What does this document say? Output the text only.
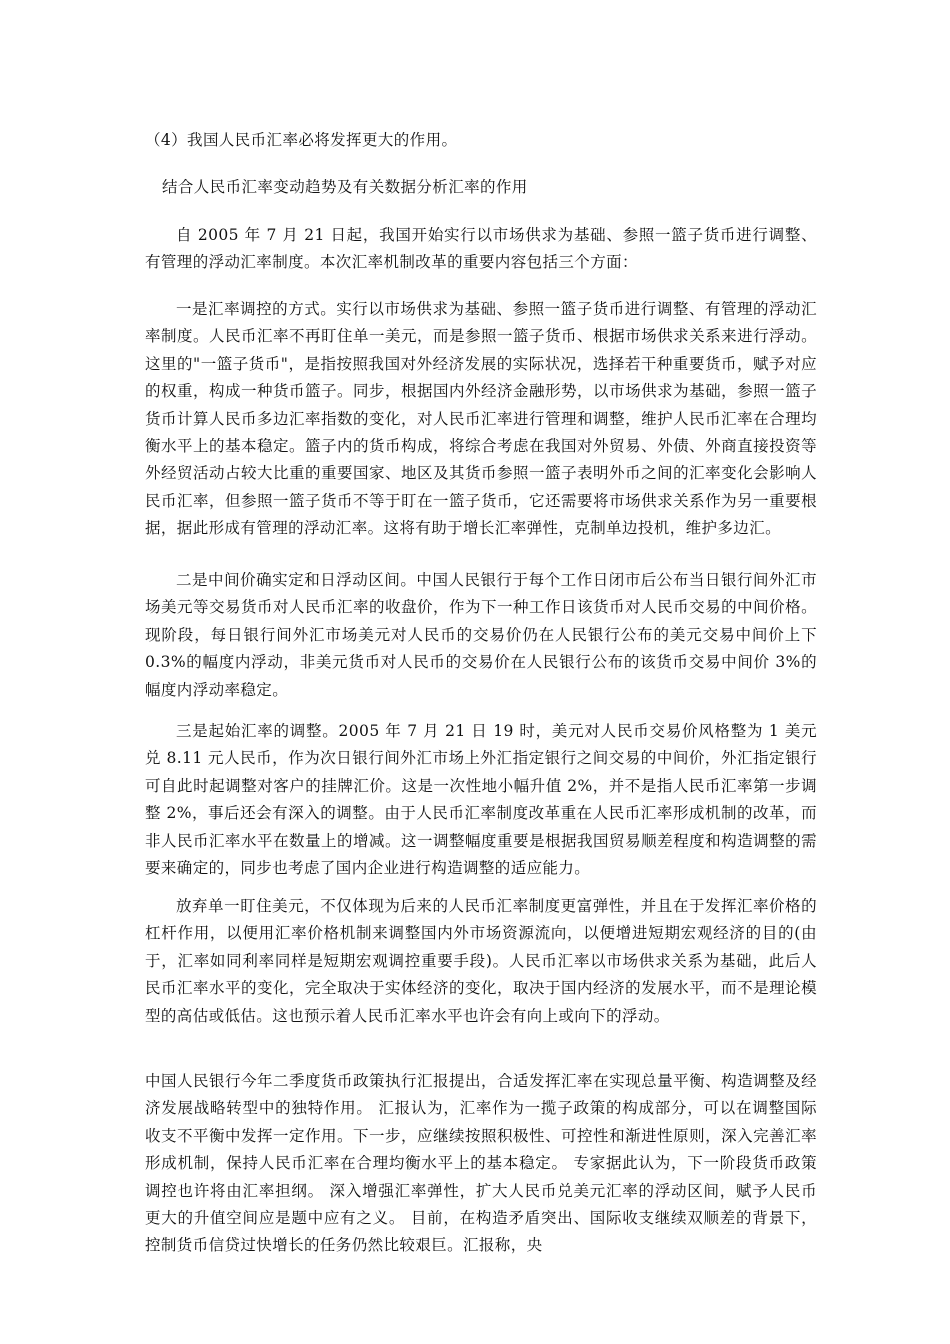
（4）我国人民币汇率必将发挥更大的作用。
结合人民币汇率变动趋势及有关数据分析汇率的作用
自 2005 年 7 月 21 日起，我国开始实行以市场供求为基础、参照一篮子货币进行调整、有管理的浮动汇率制度。本次汇率机制改革的重要内容包括三个方面：
一是汇率调控的方式。实行以市场供求为基础、参照一篮子货币进行调整、有管理的浮动汇率制度。人民币汇率不再盯住单一美元，而是参照一篮子货币、根据市场供求关系来进行浮动。这里的"一篮子货币"，是指按照我国对外经济发展的实际状况，选择若干种重要货币，赋予对应的权重，构成一种货币篮子。同步，根据国内外经济金融形势，以市场供求为基础，参照一篮子货币计算人民币多边汇率指数的变化，对人民币汇率进行管理和调整，维护人民币汇率在合理均衡水平上的基本稳定。篮子内的货币构成，将综合考虑在我国对外贸易、外债、外商直接投资等外经贸活动占较大比重的重要国家、地区及其货币参照一篮子表明外币之间的汇率变化会影响人民币汇率，但参照一篮子货币不等于盯在一篮子货币，它还需要将市场供求关系作为另一重要根据，据此形成有管理的浮动汇率。这将有助于增长汇率弹性，克制单边投机，维护多边汇。
二是中间价确实定和日浮动区间。中国人民银行于每个工作日闭市后公布当日银行间外汇市场美元等交易货币对人民币汇率的收盘价，作为下一种工作日该货币对人民币交易的中间价格。现阶段，每日银行间外汇市场美元对人民币的交易价仍在人民银行公布的美元交易中间价上下 0.3%的幅度内浮动，非美元货币对人民币的交易价在人民银行公布的该货币交易中间价 3%的幅度内浮动率稳定。
三是起始汇率的调整。2005 年 7 月 21 日 19 时，美元对人民币交易价风格整为 1 美元兑 8.11 元人民币，作为次日银行间外汇市场上外汇指定银行之间交易的中间价，外汇指定银行可自此时起调整对客户的挂牌汇价。这是一次性地小幅升值 2%，并不是指人民币汇率第一步调整 2%，事后还会有深入的调整。由于人民币汇率制度改革重在人民币汇率形成机制的改革，而非人民币汇率水平在数量上的增减。这一调整幅度重要是根据我国贸易顺差程度和构造调整的需要来确定的，同步也考虑了国内企业进行构造调整的适应能力。
放弃单一盯住美元，不仅体现为后来的人民币汇率制度更富弹性，并且在于发挥汇率价格的杠杆作用，以便用汇率价格机制来调整国内外市场资源流向，以便增进短期宏观经济的目的(由于，汇率如同利率同样是短期宏观调控重要手段)。人民币汇率以市场供求关系为基础，此后人民币汇率水平的变化，完全取决于实体经济的变化，取决于国内经济的发展水平，而不是理论模型的高估或低估。这也预示着人民币汇率水平也许会有向上或向下的浮动。
中国人民银行今年二季度货币政策执行汇报提出，合适发挥汇率在实现总量平衡、构造调整及经济发展战略转型中的独特作用。 汇报认为，汇率作为一揽子政策的构成部分，可以在调整国际收支不平衡中发挥一定作用。下一步，应继续按照积极性、可控性和渐进性原则，深入完善汇率形成机制，保持人民币汇率在合理均衡水平上的基本稳定。 专家据此认为，下一阶段货币政策调控也许将由汇率担纲。 深入增强汇率弹性，扩大人民币兑美元汇率的浮动区间，赋予人民币更大的升值空间应是题中应有之义。 目前，在构造矛盾突出、国际收支继续双顺差的背景下，控制货币信贷过快增长的任务仍然比较艰巨。汇报称，央
